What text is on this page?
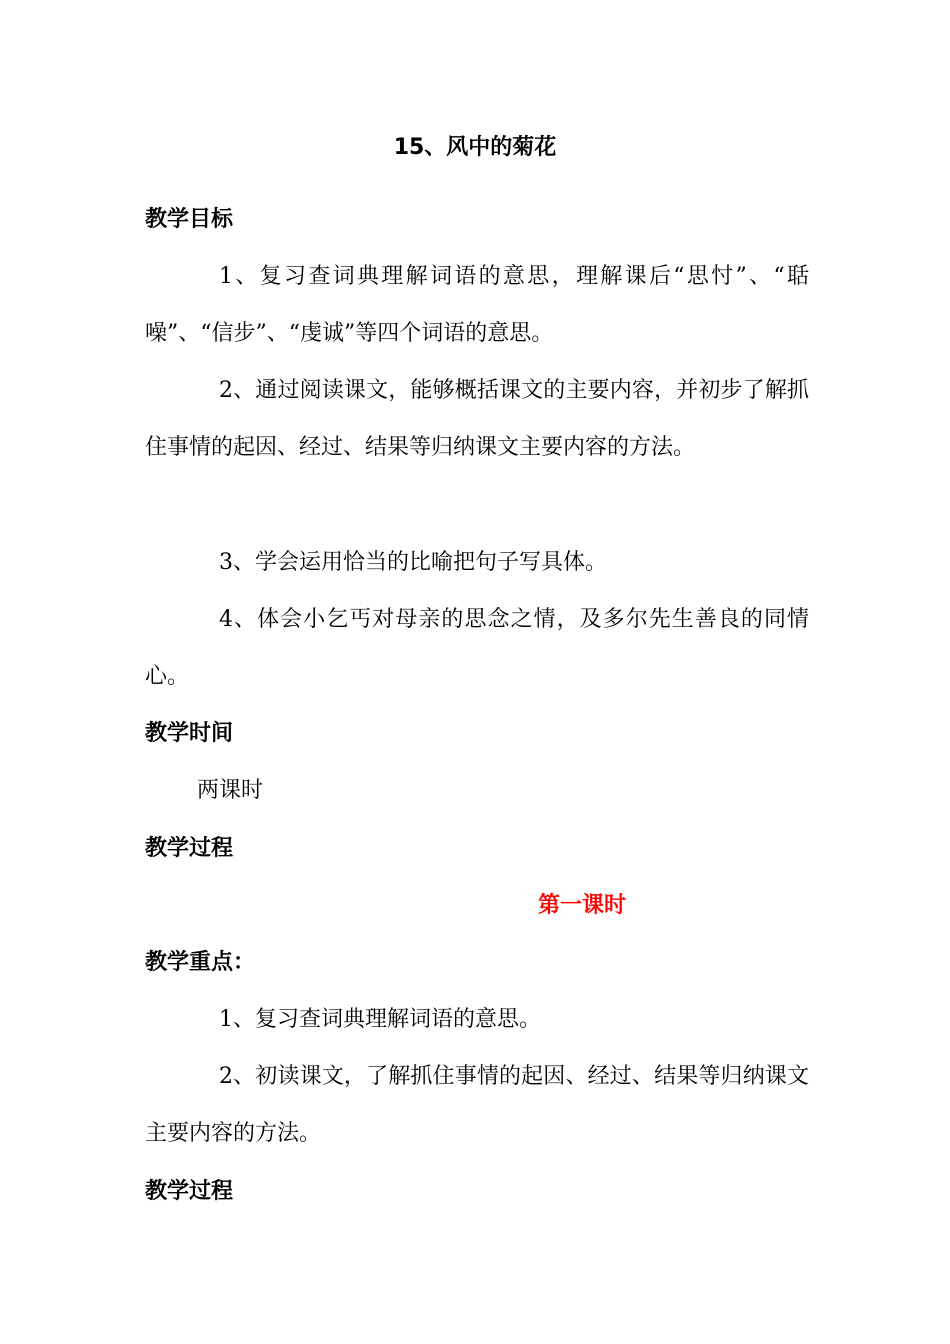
15、风中的菊花
教学目标
1、复习查词典理解词语的意思，理解课后“思忖”、“聒噪”、“信步”、“虔诚”等四个词语的意思。
2、通过阅读课文，能够概括课文的主要内容，并初步了解抓住事情的起因、经过、结果等归纳课文主要内容的方法。
3、学会运用恰当的比喻把句子写具体。
4、体会小乞丐对母亲的思念之情，及多尔先生善良的同情心。
教学时间
两课时
教学过程
第一课时
教学重点：
1、复习查词典理解词语的意思。
2、初读课文，了解抓住事情的起因、经过、结果等归纳课文主要内容的方法。
教学过程
